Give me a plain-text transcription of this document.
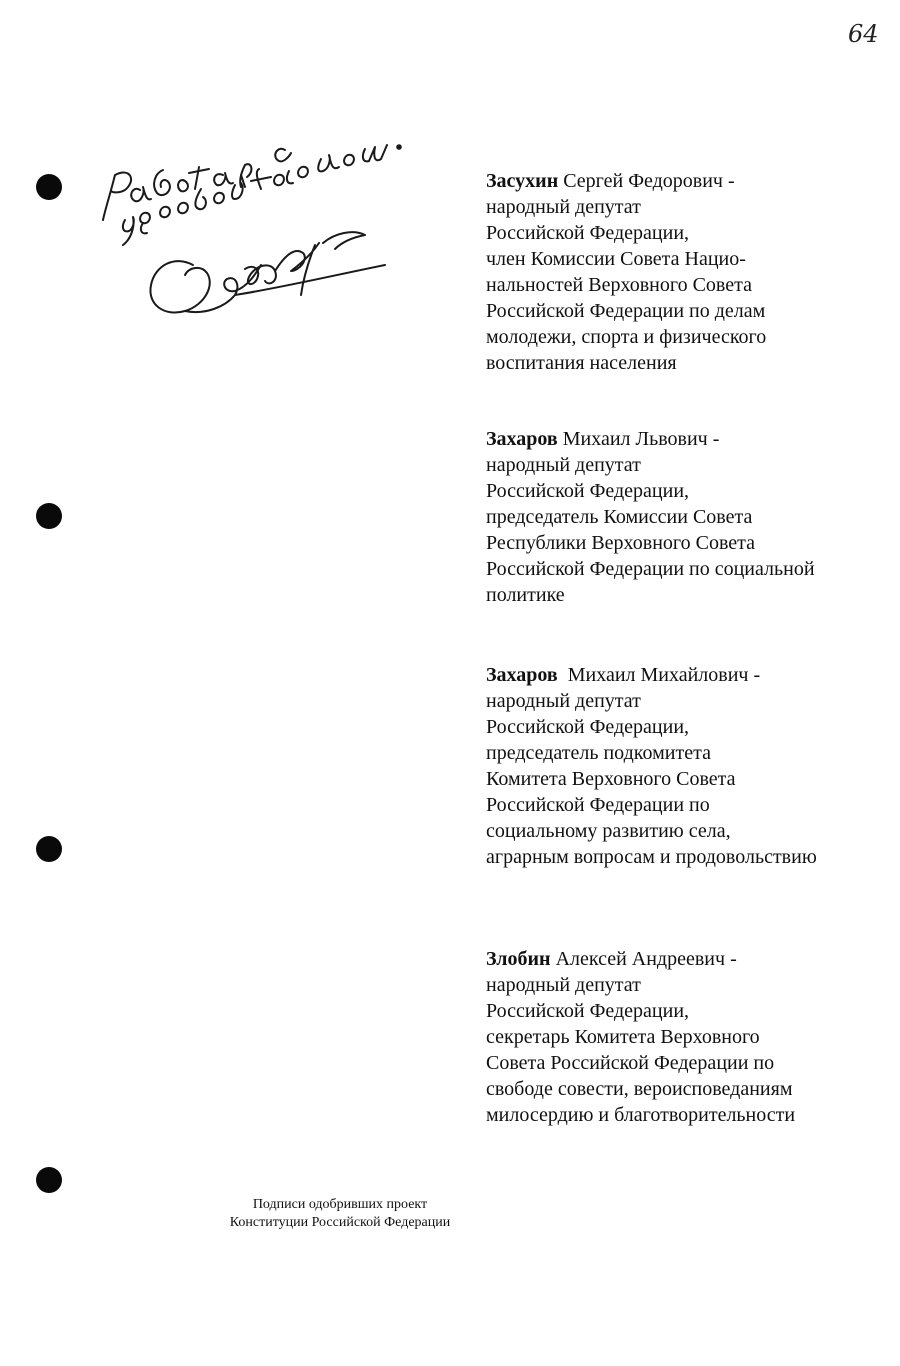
64
Засухин Сергей Федорович -
народный депутат
Российской Федерации,
член Комиссии Совета Нацио-
нальностей Верховного Совета
Российской Федерации по делам
молодежи, спорта и физического
воспитания населения
Захаров Михаил Львович -
народный депутат
Российской Федерации,
председатель Комиссии Совета
Республики Верховного Совета
Российской Федерации по социальной
политике
Захаров Михаил Михайлович -
народный депутат
Российской Федерации,
председатель подкомитета
Комитета Верховного Совета
Российской Федерации по
социальному развитию села,
аграрным вопросам и продовольствию
Злобин Алексей Андреевич -
народный депутат
Российской Федерации,
секретарь Комитета Верховного
Совета Российской Федерации по
свободе совести, вероисповеданиям
милосердию и благотворительности
Подписи одобривших проект
Конституции Российской Федерации
